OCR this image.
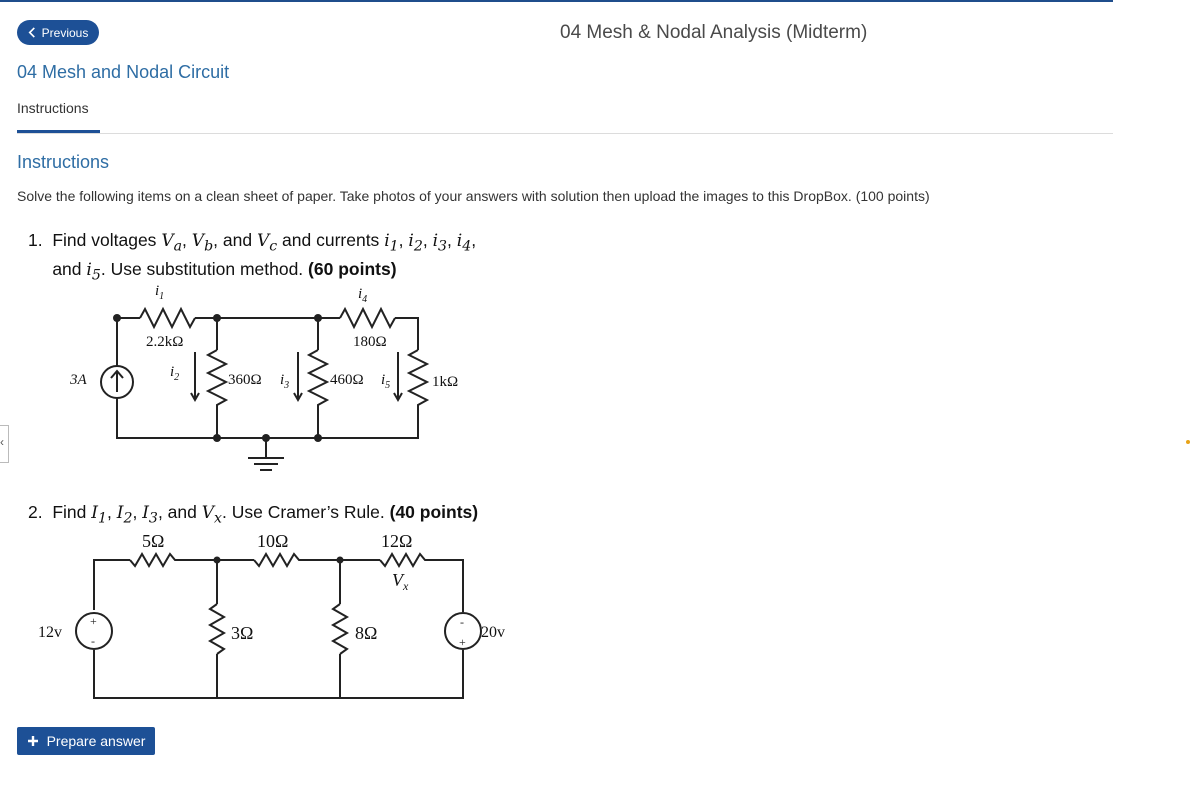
Previous	04 Mesh & Nodal Analysis (Midterm)
04 Mesh and Nodal Circuit
Instructions
Instructions
Solve the following items on a clean sheet of paper. Take photos of your answers with solution then upload the images to this DropBox. (100 points)
1. Find voltages $V_a$, $V_b$, and $V_c$ and currents $i_1$, $i_2$, $i_3$, $i_4$,
and $i_5$. Use substitution method. (60 points)
2. Find $I_1$, $I_2$, $I_3$, and $V_x$. Use Cramer’s Rule. (40 points)
+
-
-
+
$i_1$	$i_4$
$i_2$	$i_3$	$i_5$
2.2kΩ	180Ω
360Ω	460Ω	1kΩ
3A
5Ω	10Ω	12Ω
3Ω	8Ω
$V_x$
12v	20v
Prepare answer
‹
